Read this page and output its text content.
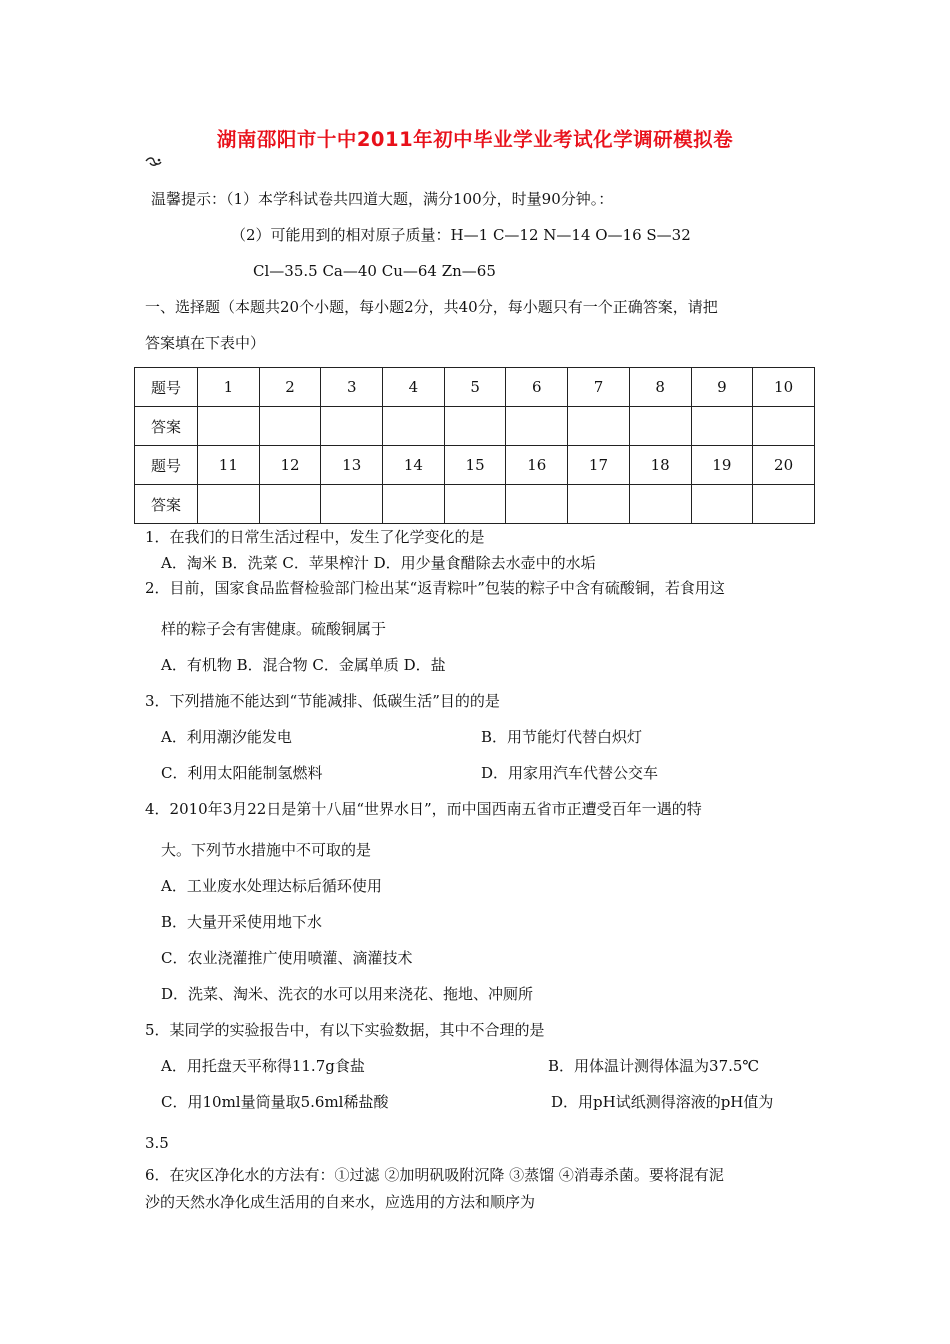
湖南邵阳市十中2011年初中毕业学业考试化学调研模拟卷
温馨提示：（1）本学科试卷共四道大题，满分100分，时量90分钟。：
（2）可能用到的相对原子质量：H—1 C—12 N—14 O—16 S—32
Cl—35.5 Ca—40 Cu—64 Zn—65
一、选择题（本题共20个小题，每小题2分，共40分，每小题只有一个正确答案，请把
答案填在下表中）
题号	1	2	3	4	5	6	7	8	9	10
答案										
题号	11	12	13	14	15	16	17	18	19	20
答案										
1．在我们的日常生活过程中，发生了化学变化的是
A．淘米 B．洗菜 C．苹果榨汁 D．用少量食醋除去水壶中的水垢
2．目前，国家食品监督检验部门检出某“返青粽叶”包装的粽子中含有硫酸铜，若食用这
样的粽子会有害健康。硫酸铜属于
A．有机物 B．混合物 C．金属单质 D．盐
3．下列措施不能达到“节能减排、低碳生活”目的的是
A．利用潮汐能发电	B．用节能灯代替白炽灯
C．利用太阳能制氢燃料	D．用家用汽车代替公交车
4．2010年3月22日是第十八届“世界水日”，而中国西南五省市正遭受百年一遇的特
大。下列节水措施中不可取的是
A．工业废水处理达标后循环使用
B．大量开采使用地下水
C．农业浇灌推广使用喷灌、滴灌技术
D．洗菜、淘米、洗衣的水可以用来浇花、拖地、冲厕所
5．某同学的实验报告中，有以下实验数据，其中不合理的是
A．用托盘天平称得11.7g食盐	B．用体温计测得体温为37.5℃
C．用10ml量筒量取5.6ml稀盐酸	D．用pH试纸测得溶液的pH值为
3.5
6．在灾区净化水的方法有：①过滤 ②加明矾吸附沉降 ③蒸馏 ④消毒杀菌。要将混有泥
沙的天然水净化成生活用的自来水，应选用的方法和顺序为
